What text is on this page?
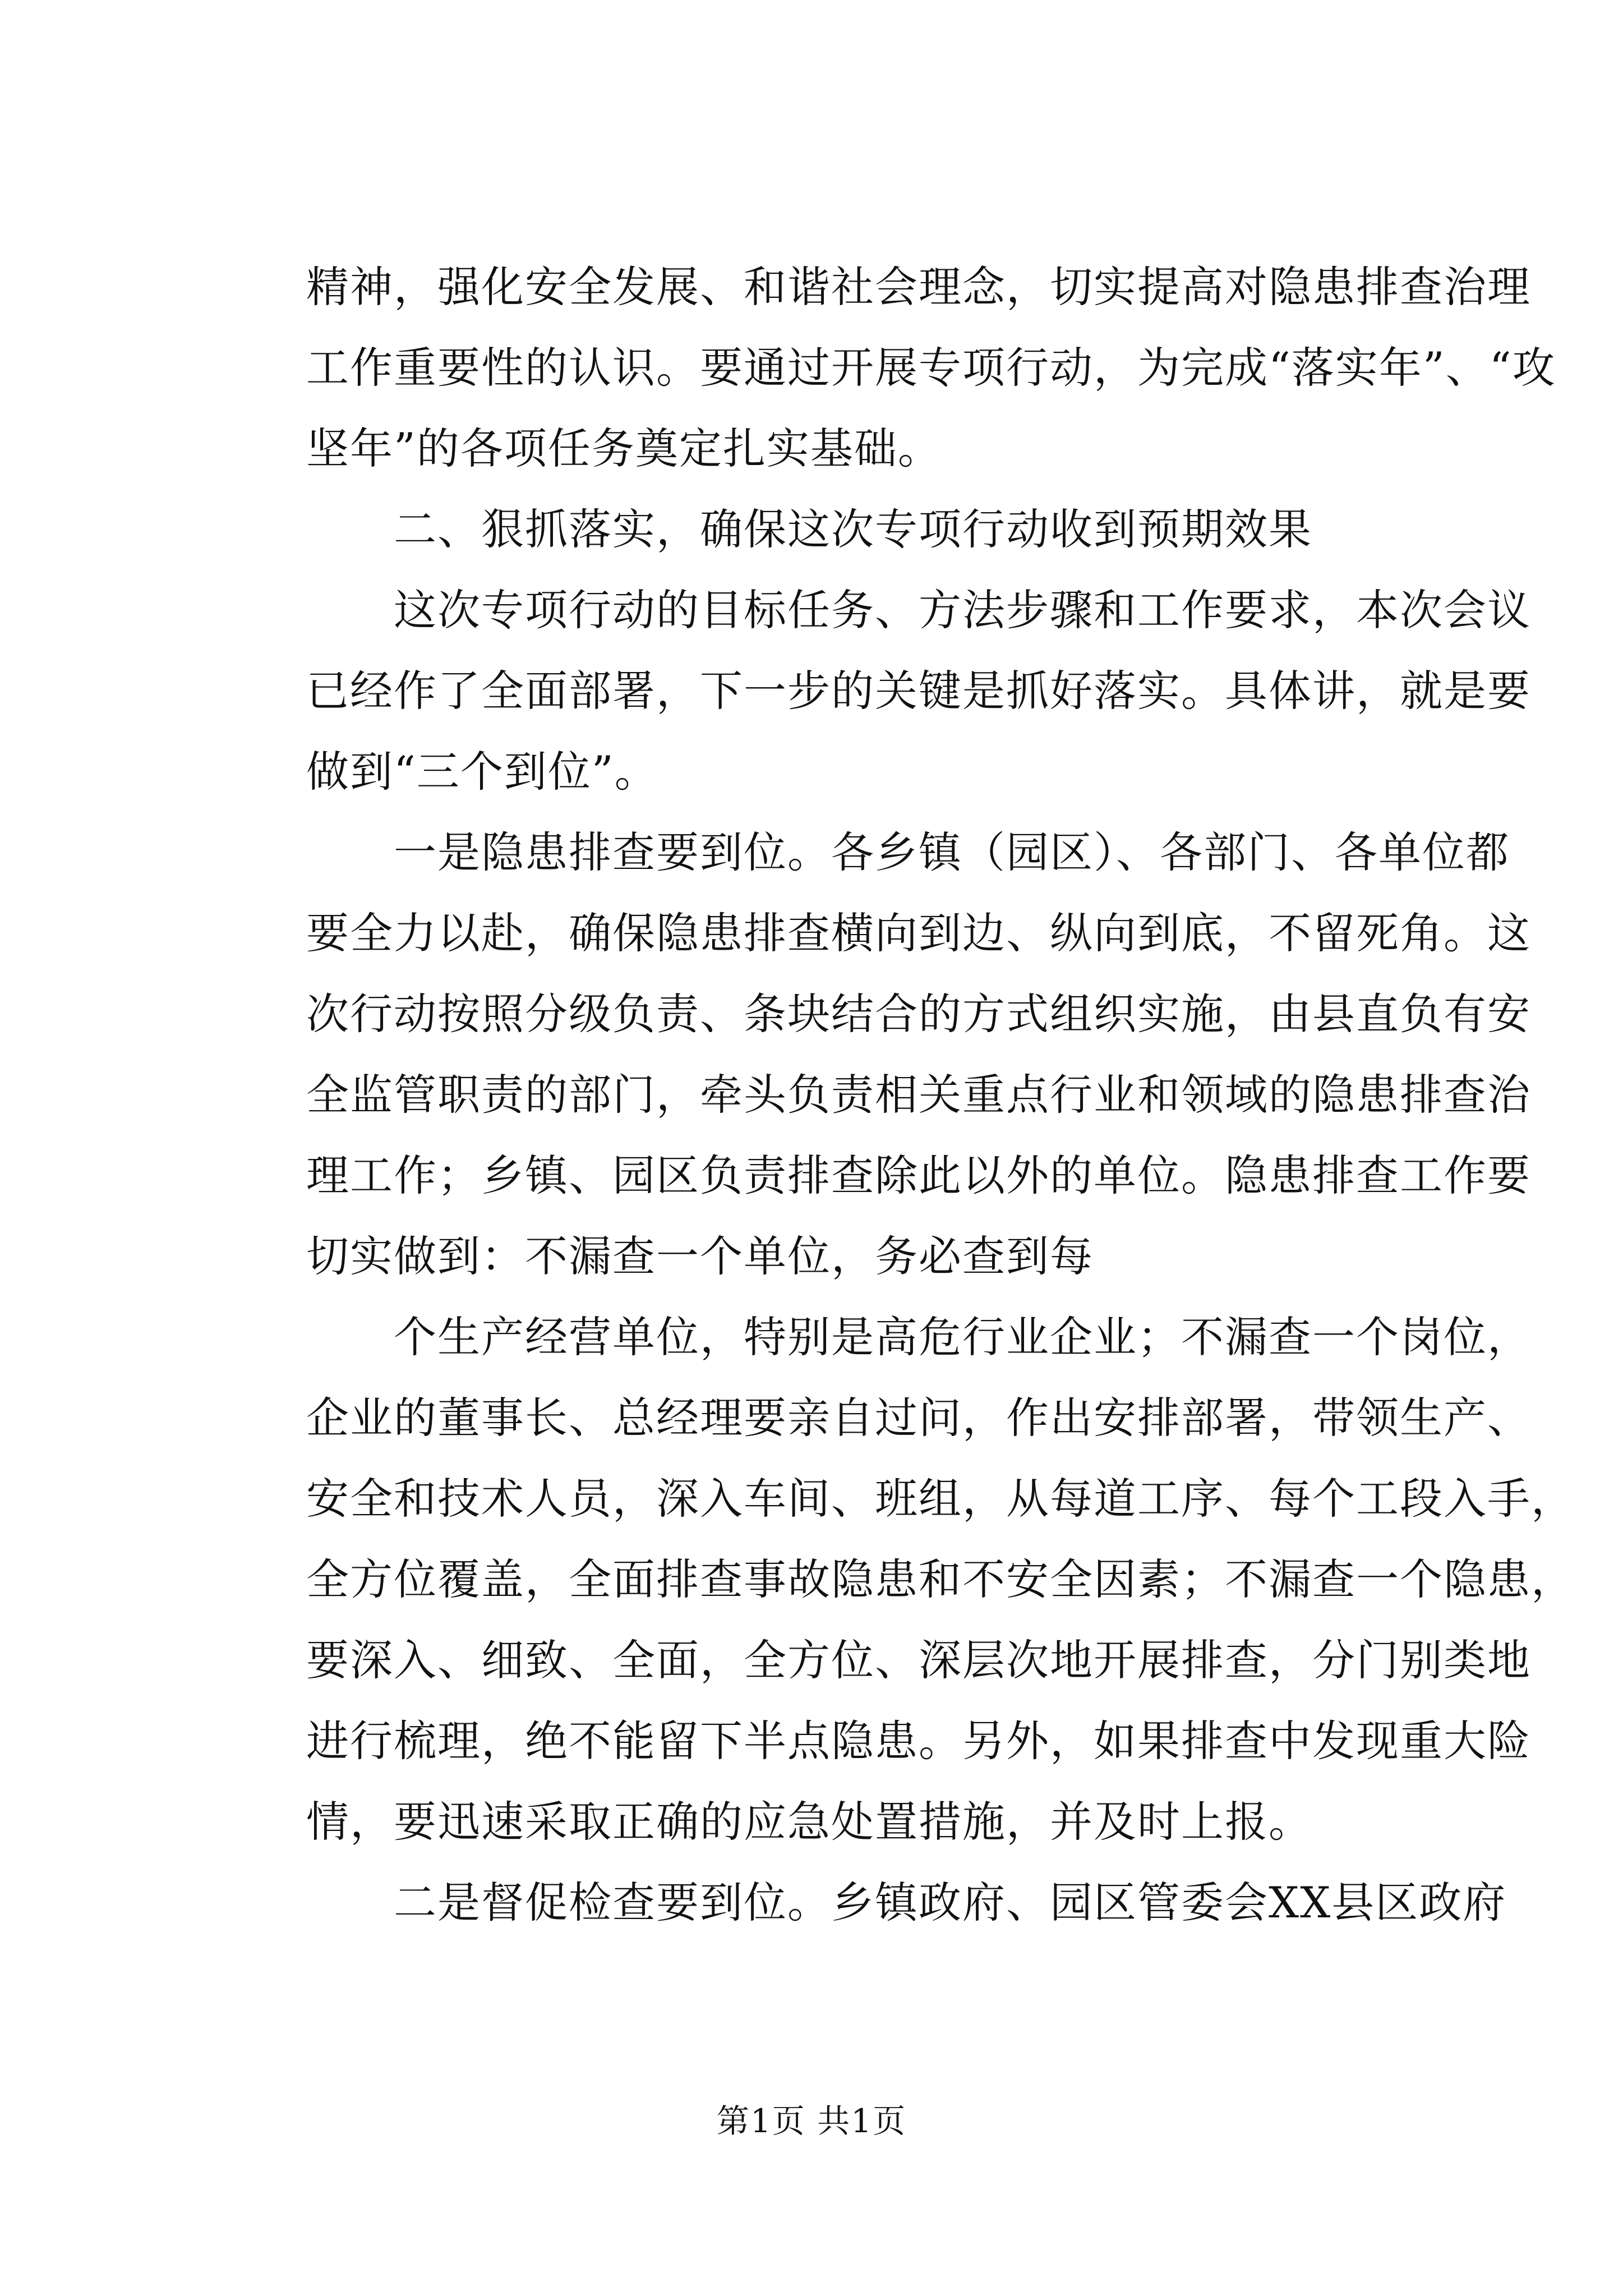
精神，强化安全发展、和谐社会理念，切实提高对隐患排查治理
工作重要性的认识。要通过开展专项行动，为完成“落实年”、“攻
坚年”的各项任务奠定扎实基础。
　　二、狠抓落实，确保这次专项行动收到预期效果
　　这次专项行动的目标任务、方法步骤和工作要求，本次会议
已经作了全面部署，下一步的关键是抓好落实。具体讲，就是要
做到“三个到位”。
　　一是隐患排查要到位。各乡镇（园区）、各部门、各单位都
要全力以赴，确保隐患排查横向到边、纵向到底，不留死角。这
次行动按照分级负责、条块结合的方式组织实施，由县直负有安
全监管职责的部门，牵头负责相关重点行业和领域的隐患排查治
理工作；乡镇、园区负责排查除此以外的单位。隐患排查工作要
切实做到：不漏查一个单位，务必查到每
　　个生产经营单位，特别是高危行业企业；不漏查一个岗位，
企业的董事长、总经理要亲自过问，作出安排部署，带领生产、
安全和技术人员，深入车间、班组，从每道工序、每个工段入手，
全方位覆盖，全面排查事故隐患和不安全因素；不漏查一个隐患，
要深入、细致、全面，全方位、深层次地开展排查，分门别类地
进行梳理，绝不能留下半点隐患。另外，如果排查中发现重大险
情，要迅速采取正确的应急处置措施，并及时上报。
　　二是督促检查要到位。乡镇政府、园区管委会XX县区政府
第1页 共1页
